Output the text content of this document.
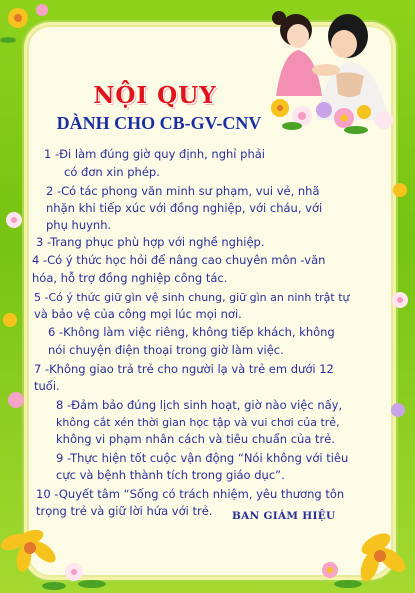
NỘI QUY
DÀNH CHO CB-GV-CNV
1 -Đi làm đúng giờ quy định, nghỉ phải
có đơn xin phép.
2 -Có tác phong văn minh sư phạm, vui vẻ, nhã
nhặn khi tiếp xúc với đồng nghiệp, với cháu, với
phụ huynh.
3 -Trang phục phù hợp với nghề nghiệp.
4 -Có ý thức học hỏi để nâng cao chuyên môn -văn
hóa, hỗ trợ đồng nghiệp công tác.
5 -Có ý thức giữ gìn vệ sinh chung, giữ gìn an ninh trật tự
và bảo vệ của công mọi lúc mọi nơi.
6 -Không làm việc riêng, không tiếp khách, không
nói chuyện điện thoại trong giờ làm việc.
7 -Không giao trả trẻ cho người lạ và trẻ em dưới 12
tuổi.
8 -Đảm bảo đúng lịch sinh hoạt, giờ nào việc nấy,
không cắt xén thời gian học tập và vui chơi của trẻ,
không vi phạm nhân cách và tiêu chuẩn của trẻ.
9 -Thực hiện tốt cuộc vận động “Nói không với tiêu
cực và bệnh thành tích trong giáo dục”.
10 -Quyết tâm “Sống có trách nhiệm, yêu thương tôn
trọng trẻ và giữ lời hứa với trẻ. BAN GIÁM HIỆU
